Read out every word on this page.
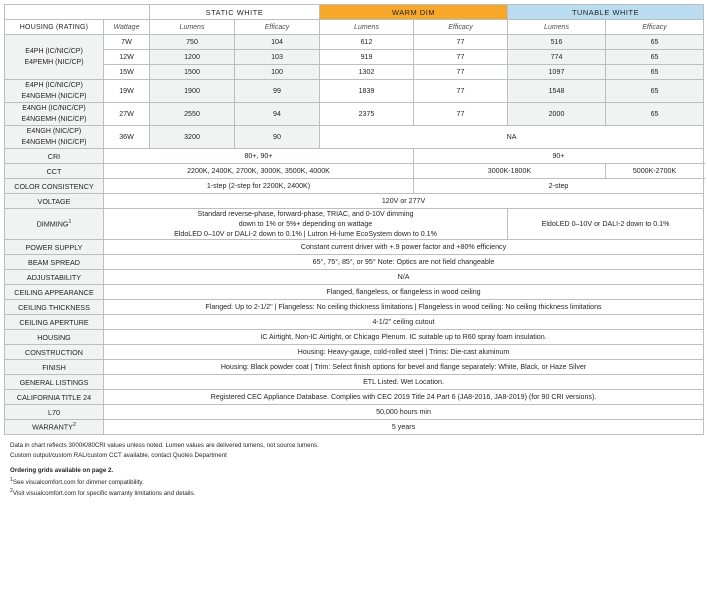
		STATIC WHITE		WARM DIM		TUNABLE WHITE	
HOUSING (RATING)	Wattage	Lumens	Efficacy	Lumens	Efficacy	Lumens	Efficacy

E4PH (IC/NIC/CP)
E4PEMH (NIC/CP)	7W	750	104	612	77	516	65
	12W	1200	103	919	77	774	65
	15W	1500	100	1302	77	1097	65

E4PH (IC/NIC/CP)
E4NGEMH (NIC/CP)	19W	1900	99	1839	77	1548	65

E4NGH (IC/NIC/CP)
E4NGEMH (NIC/CP)	27W	2550	94	2375	77	2000	65

E4NGH (NIC/CP)
E4NGEMH (NIC/CP)	36W	3200	90	NA			
CRI	80+, 90+				90+		
CCT	2200K, 2400K, 2700K, 3000K, 3500K, 4000K				3000K-1800K		5000K-2700K
COLOR CONSISTENCY	1-step (2-step for 2200K, 2400K)				2-step		
VOLTAGE	120V or 277V						
DIMMING$^1$	Standard reverse-phase, forward-phase, TRIAC, and 0-10V dimming
down to 1% or 5%+ depending on wattage
EldoLED 0–10V or DALI-2 down to 0.1% | Lutron Hi-lume EcoSystem down to 0.1%					EldoLED 0–10V or DALI-2 down to 0.1%	
POWER SUPPLY	Constant current driver with +.9 power factor and +80% efficiency						
BEAM SPREAD	65°, 75°, 85°, or 95° Note: Optics are not field changeable						
ADJUSTABILITY	N/A						
CEILING APPEARANCE	Flanged, flangeless, or flangeless in wood ceiling						
CEILING THICKNESS	Flanged: Up to 2-1/2" | Flangeless: No ceiling thickness limitations | Flangeless in wood ceiling: No ceiling thickness limitations						
CEILING APERTURE	4-1/2" ceiling cutout						
HOUSING	IC Airtight, Non-IC Airtight, or Chicago Plenum. IC suitable up to R60 spray foam insulation.						
CONSTRUCTION	Housing: Heavy-gauge, cold-rolled steel | Trims: Die-cast aluminum						
FINISH	Housing: Black powder coat | Trim: Select finish options for bevel and flange separately: White, Black, or Haze Silver						
GENERAL LISTINGS	ETL Listed. Wet Location.						
CALIFORNIA TITLE 24	Registered CEC Appliance Database. Complies with CEC 2019 Title 24 Part 6 (JA8-2016, JA8-2019) (for 90 CRI versions).						
L70	50,000 hours min						
WARRANTY$^2$	5 years						

Data in chart reflects 3000K/80CRI values unless noted. Lumen values are delivered lumens, not source lumens.

Custom output/custom RAL/custom CCT available, contact Quotes Department

Ordering grids available on page 2.

$^1$See visualcomfort.com for dimmer compatibility.

$^2$Visit visualcomfort.com for specific warranty limitations and details.
